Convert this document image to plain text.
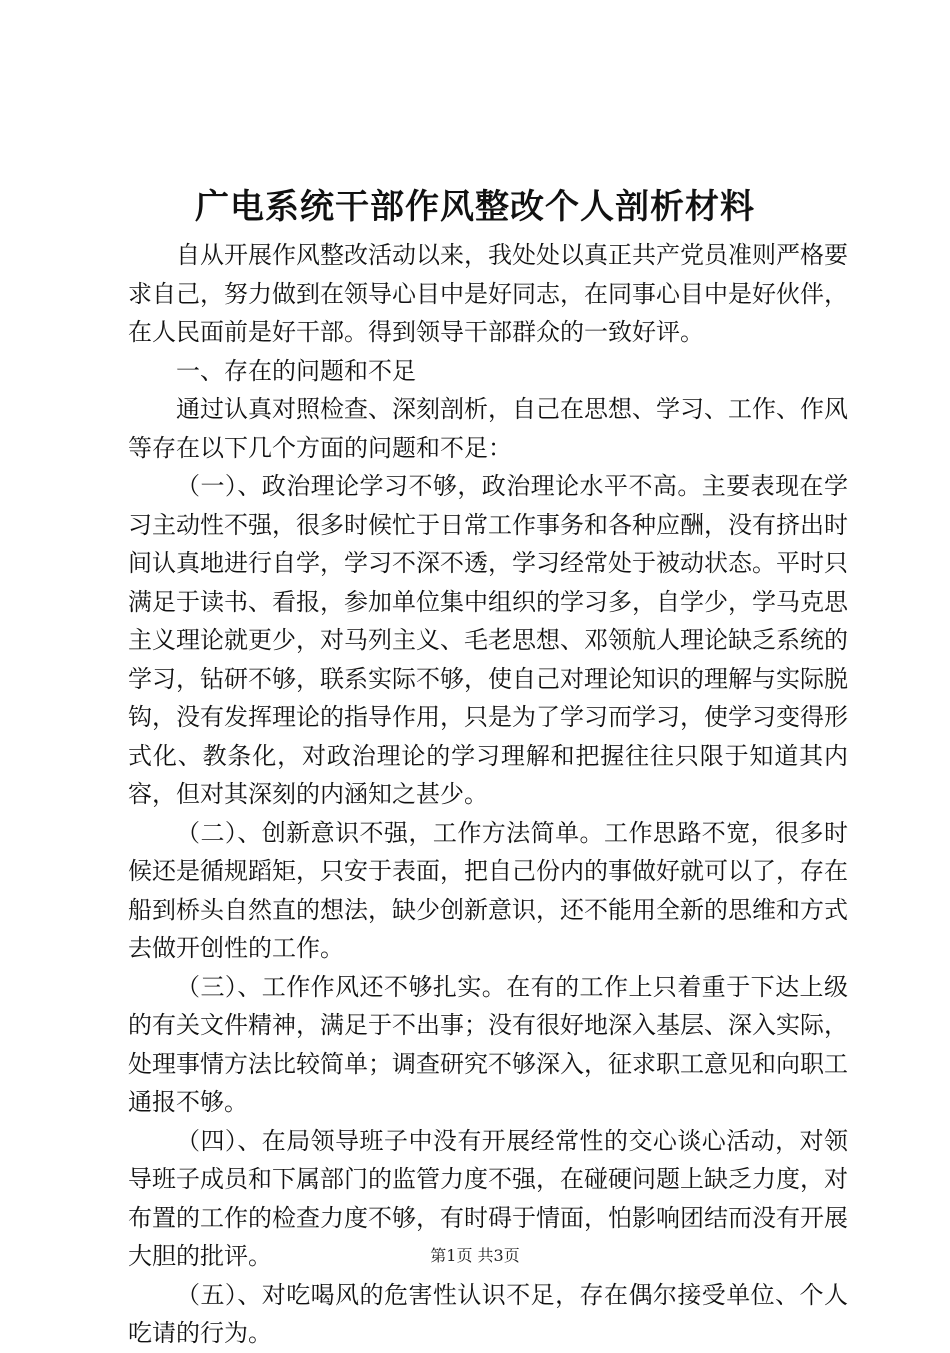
广电系统干部作风整改个人剖析材料

自从开展作风整改活动以来，我处处以真正共产党员准则严格要求自己，努力做到在领导心目中是好同志，在同事心目中是好伙伴，在人民面前是好干部。得到领导干部群众的一致好评。

一、存在的问题和不足

通过认真对照检查、深刻剖析，自己在思想、学习、工作、作风等存在以下几个方面的问题和不足：

（一）、政治理论学习不够，政治理论水平不高。主要表现在学习主动性不强，很多时候忙于日常工作事务和各种应酬，没有挤出时间认真地进行自学，学习不深不透，学习经常处于被动状态。平时只满足于读书、看报，参加单位集中组织的学习多，自学少，学马克思主义理论就更少，对马列主义、毛老思想、邓领航人理论缺乏系统的学习，钻研不够，联系实际不够，使自己对理论知识的理解与实际脱钩，没有发挥理论的指导作用，只是为了学习而学习，使学习变得形式化、教条化，对政治理论的学习理解和把握往往只限于知道其内容，但对其深刻的内涵知之甚少。

（二）、创新意识不强，工作方法简单。工作思路不宽，很多时候还是循规蹈矩，只安于表面，把自己份内的事做好就可以了，存在船到桥头自然直的想法，缺少创新意识，还不能用全新的思维和方式去做开创性的工作。

（三）、工作作风还不够扎实。在有的工作上只着重于下达上级的有关文件精神，满足于不出事；没有很好地深入基层、深入实际，处理事情方法比较简单；调查研究不够深入，征求职工意见和向职工通报不够。

（四）、在局领导班子中没有开展经常性的交心谈心活动，对领导班子成员和下属部门的监管力度不强，在碰硬问题上缺乏力度，对布置的工作的检查力度不够，有时碍于情面，怕影响团结而没有开展大胆的批评。

（五）、对吃喝风的危害性认识不足，存在偶尔接受单位、个人吃请的行为。

第1页 共3页
